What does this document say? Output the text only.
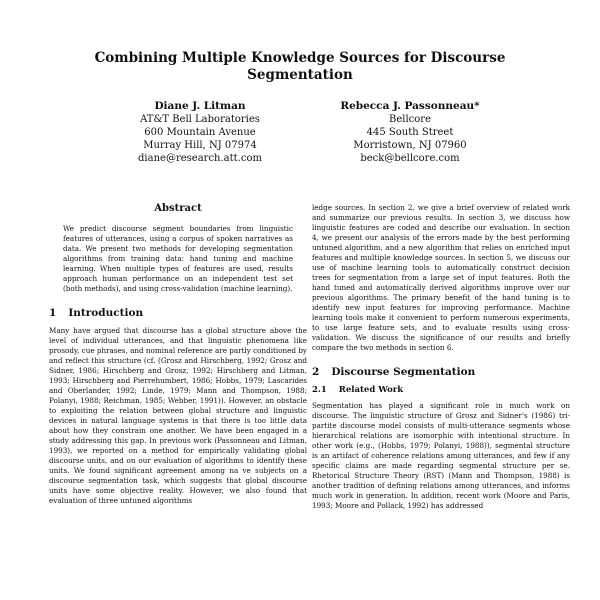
Combining Multiple Knowledge Sources for Discourse
Segmentation
Diane J. Litman
AT&T Bell Laboratories
600 Mountain Avenue
Murray Hill, NJ 07974
diane@research.att.com
Rebecca J. Passonneau*
Bellcore
445 South Street
Morristown, NJ 07960
beck@bellcore.com
Abstract

We predict discourse segment boundaries from linguistic features of utterances, using a corpus of spoken narratives as data. We present two methods for developing segmentation algorithms from training data: hand tuning and machine learning. When multiple types of features are used, results approach human performance on an independent test set (both methods), and using cross-validation (machine learning).

1 Introduction

Many have argued that discourse has a global structure above the level of individual utterances, and that linguistic phenomena like prosody, cue phrases, and nominal reference are partly conditioned by and reflect this structure (cf. (Grosz and Hirschberg, 1992; Grosz and Sidner, 1986; Hirschberg and Grosz, 1992; Hirschberg and Litman, 1993; Hirschberg and Pierrehumbert, 1986; Hobbs, 1979; Lascarides and Oberlander, 1992; Linde, 1979; Mann and Thompson, 1988; Polanyi, 1988; Reichman, 1985; Webber, 1991)). However, an obstacle to exploiting the relation between global structure and linguistic devices in natural language systems is that there is too little data about how they constrain one another. We have been engaged in a study addressing this gap. In previous work (Passonneau and Litman, 1993), we reported on a method for empirically validating global discourse units, and on our evaluation of algorithms to identify these units. We found significant agreement among na ve subjects on a discourse segmentation task, which suggests that global discourse units have some objective reality. However, we also found that evaluation of three untuned algorithms

ledge sources. In section 2, we give a brief overview of related work and summarize our previous results. In section 3, we discuss how linguistic features are coded and describe our evaluation. In section 4, we present our analysis of the errors made by the best performing untuned algorithm, and a new algorithm that relies on enriched input features and multiple knowledge sources. In section 5, we discuss our use of machine learning tools to automatically construct decision trees for segmentation from a large set of input features. Both the hand tuned and automatically derived algorithms improve over our previous algorithms. The primary benefit of the hand tuning is to identify new input features for improving performance. Machine learning tools make it convenient to perform numerous experiments, to use large feature sets, and to evaluate results using cross-validation. We discuss the significance of our results and briefly compare the two methods in section 6.

2 Discourse Segmentation
2.1 Related Work

Segmentation has played a significant role in much work on discourse. The linguistic structure of Grosz and Sidner's (1986) tri-partite discourse model consists of multi-utterance segments whose hierarchical relations are isomorphic with intentional structure. In other work (e.g., (Hobbs, 1979; Polanyi, 1988)), segmental structure is an artifact of coherence relations among utterances, and few if any specific claims are made regarding segmental structure per se. Rhetorical Structure Theory (RST) (Mann and Thompson, 1988) is another tradition of defining relations among utterances, and informs much work in generation. In addition, recent work (Moore and Paris, 1993; Moore and Pollack, 1992) has addressed
